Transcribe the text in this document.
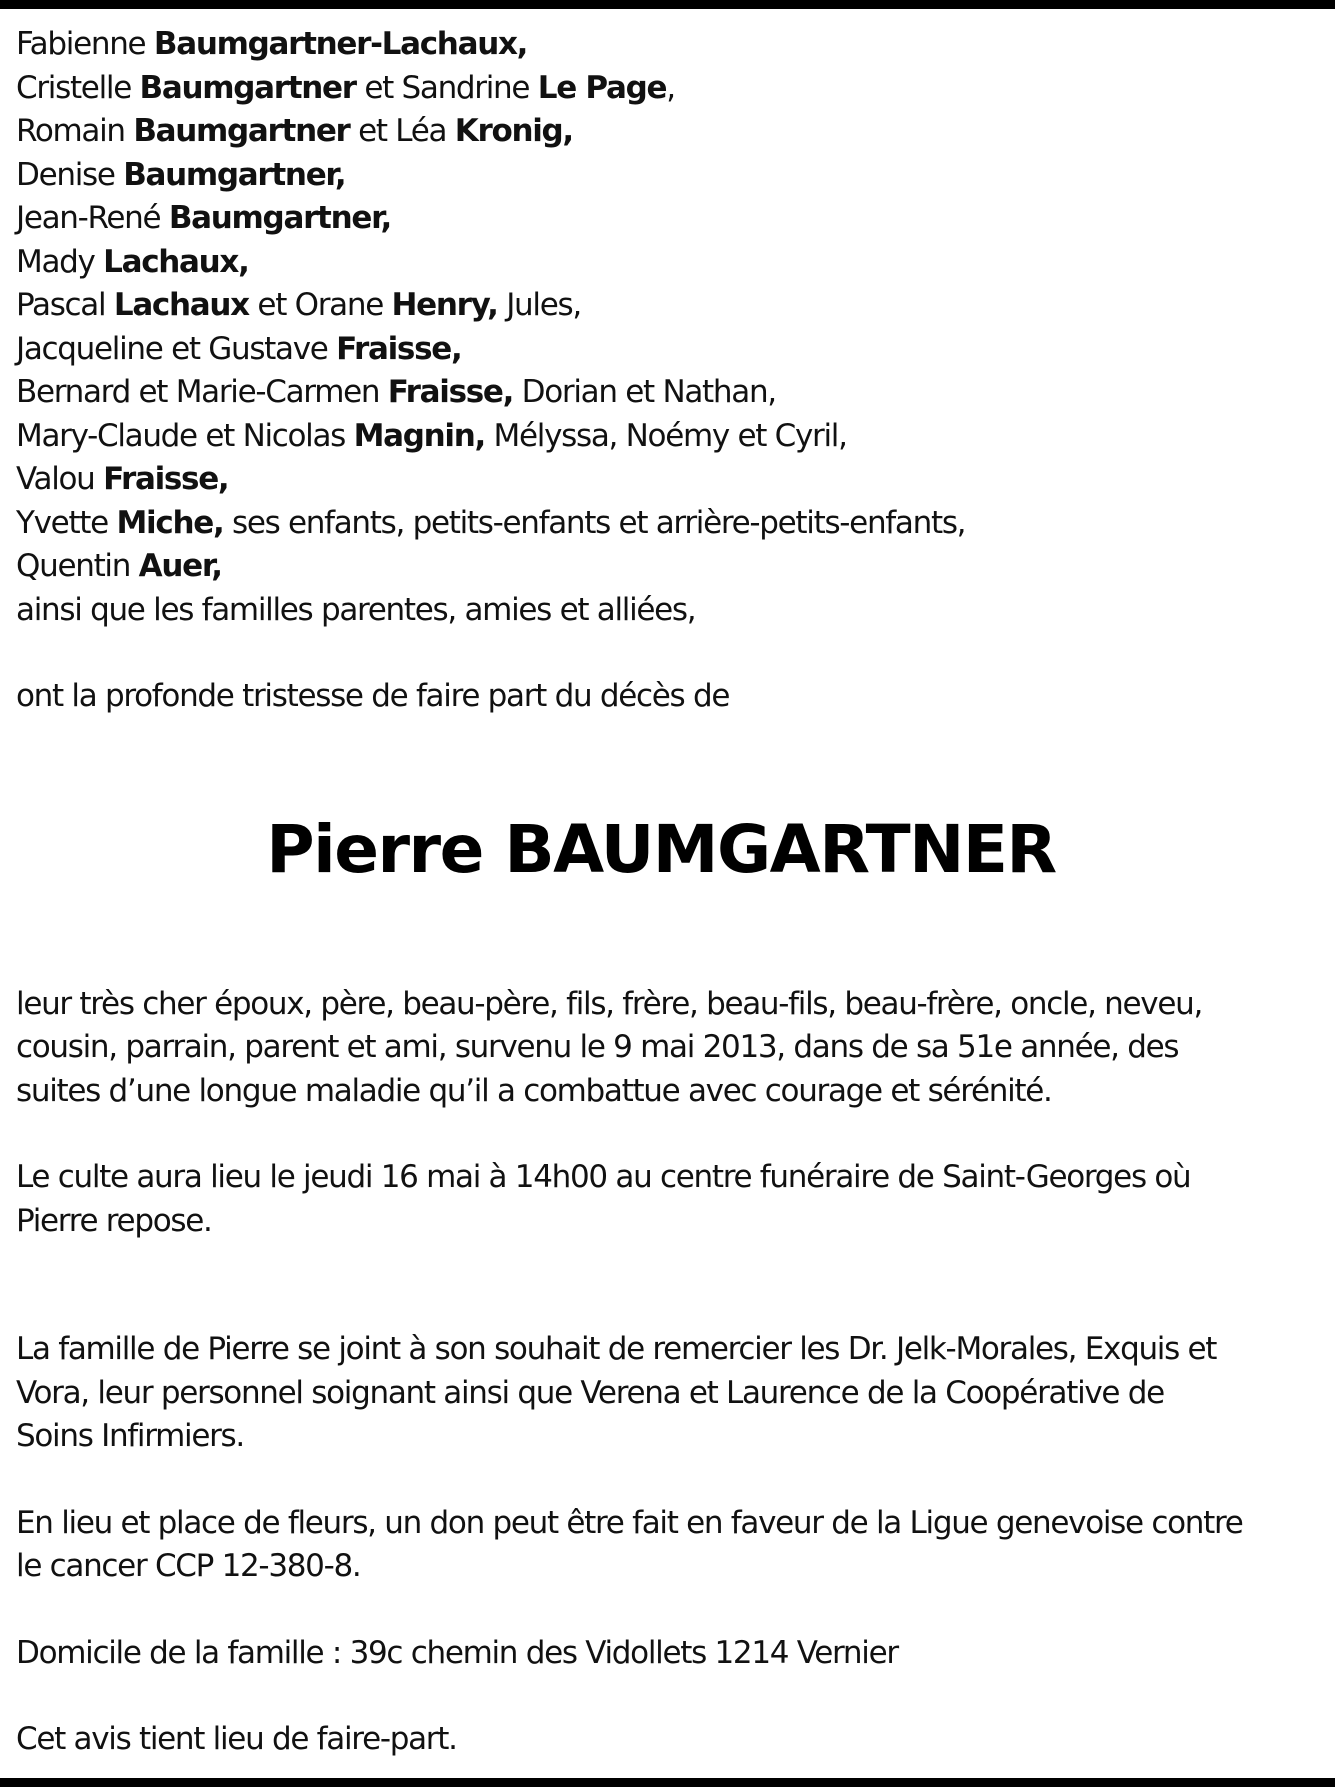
Fabienne Baumgartner-Lachaux,
Cristelle Baumgartner et Sandrine Le Page,
Romain Baumgartner et Léa Kronig,
Denise Baumgartner,
Jean-René Baumgartner,
Mady Lachaux,
Pascal Lachaux et Orane Henry, Jules,
Jacqueline et Gustave Fraisse,
Bernard et Marie-Carmen Fraisse, Dorian et Nathan,
Mary-Claude et Nicolas Magnin, Mélyssa, Noémy et Cyril,
Valou Fraisse,
Yvette Miche, ses enfants, petits-enfants et arrière-petits-enfants,
Quentin Auer,
ainsi que les familles parentes, amies et alliées,
ont la profonde tristesse de faire part du décès de
Pierre BAUMGARTNER
leur très cher époux, père, beau-père, fils, frère, beau-fils, beau-frère, oncle, neveu,
cousin, parrain, parent et ami, survenu le 9 mai 2013, dans de sa 51e année, des
suites d’une longue maladie qu’il a combattue avec courage et sérénité.
Le culte aura lieu le jeudi 16 mai à 14h00 au centre funéraire de Saint-Georges où
Pierre repose.
La famille de Pierre se joint à son souhait de remercier les Dr. Jelk-Morales, Exquis et
Vora, leur personnel soignant ainsi que Verena et Laurence de la Coopérative de
Soins Infirmiers.
En lieu et place de fleurs, un don peut être fait en faveur de la Ligue genevoise contre
le cancer CCP 12-380-8.
Domicile de la famille : 39c chemin des Vidollets 1214 Vernier
Cet avis tient lieu de faire-part.
